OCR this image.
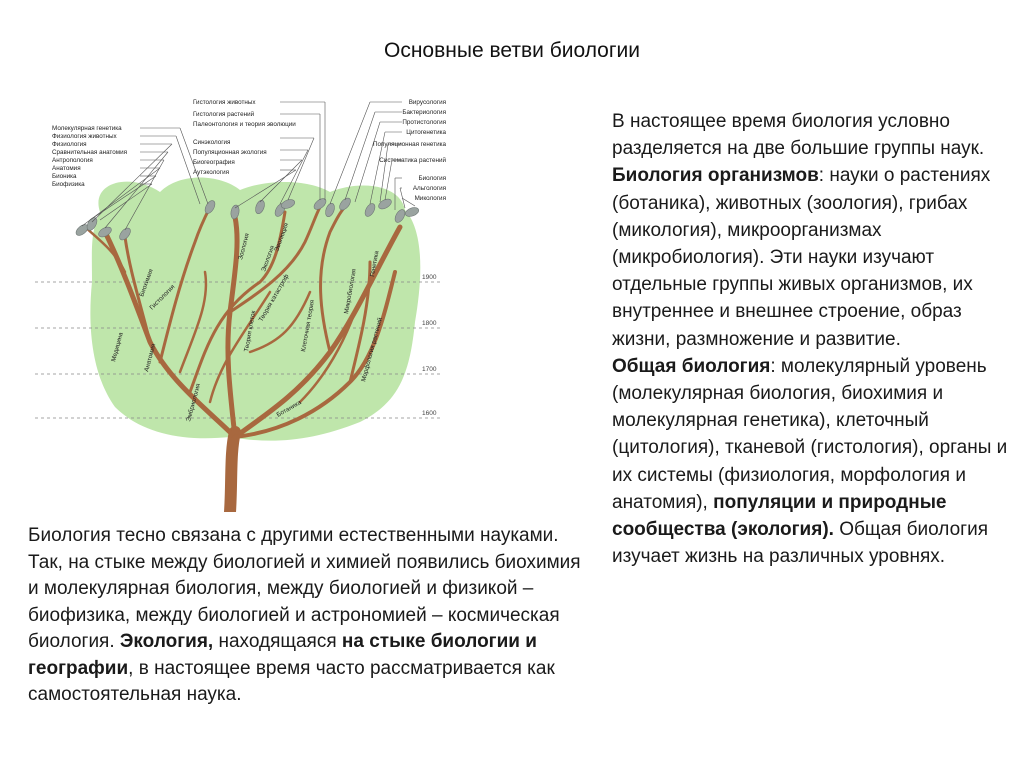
Основные ветви биологии
Молекулярная генетика
Физиология животных
Физиология
Сравнительная анатомия
Антропология
Анатомия
Бионика
Биофизика
Гистология животных
Гистология растений
Палеонтология и теория эволюции
Синэкология
Популяционная экология
Биогеография
Аутэкология
Вирусология
Бактериология
Протистология
Цитогенетика
Популяционная генетика
Систематика растений
Биология
Альгология
Микология
1900
1800
1700
1600
Биохимия
Гистология
Медицина	Анатомия
Эмбриология
Зоология Экология
Эволюция
Теория клеток
Теория катастроф
Клеточная теория
Микробиология
Генетика
Морфология растений
Ботаника

Биология тесно связана с другими естественными науками. Так, на стыке между биологией и химией появились биохимия и молекулярная биология, между биологией и физикой – биофизика, между биологией и астрономией – космическая биология. Экология, находящаяся на стыке биологии и географии, в настоящее время часто рассматривается как самостоятельная наука.

В настоящее время биология условно разделяется на две большие группы наук.

Биология организмов: науки о растениях (ботаника), животных (зоология), грибах (микология), микроорганизмах (микробиология). Эти науки изучают отдельные группы живых организмов, их внутреннее и внешнее строение, образ жизни, размножение и развитие.

Общая биология: молекулярный уровень (молекулярная биология, биохимия и молекулярная генетика), клеточный (цитология), тканевой (гистология), органы и их системы (физиология, морфология и анатомия), популяции и природные сообщества (экология). Общая биология изучает жизнь на различных уровнях.
